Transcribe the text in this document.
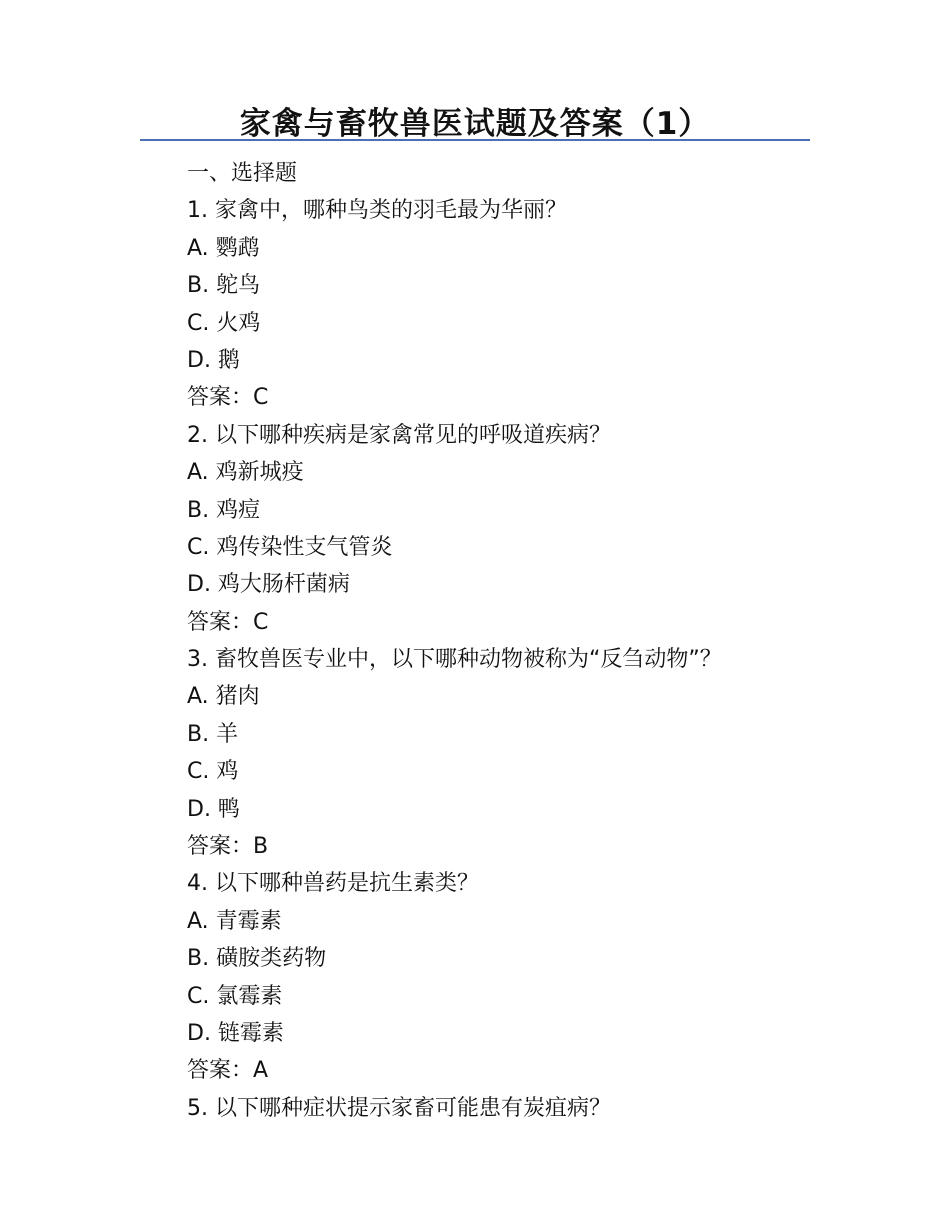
家禽与畜牧兽医试题及答案（1）

一、选择题

1. 家禽中，哪种鸟类的羽毛最为华丽？

A. 鹦鹉

B. 鸵鸟

C. 火鸡

D. 鹅

答案：C

2. 以下哪种疾病是家禽常见的呼吸道疾病？

A. 鸡新城疫

B. 鸡痘

C. 鸡传染性支气管炎

D. 鸡大肠杆菌病

答案：C

3. 畜牧兽医专业中，以下哪种动物被称为“反刍动物”？

A. 猪肉

B. 羊

C. 鸡

D. 鸭

答案：B

4. 以下哪种兽药是抗生素类？

A. 青霉素

B. 磺胺类药物

C. 氯霉素

D. 链霉素

答案：A

5. 以下哪种症状提示家畜可能患有炭疽病？
